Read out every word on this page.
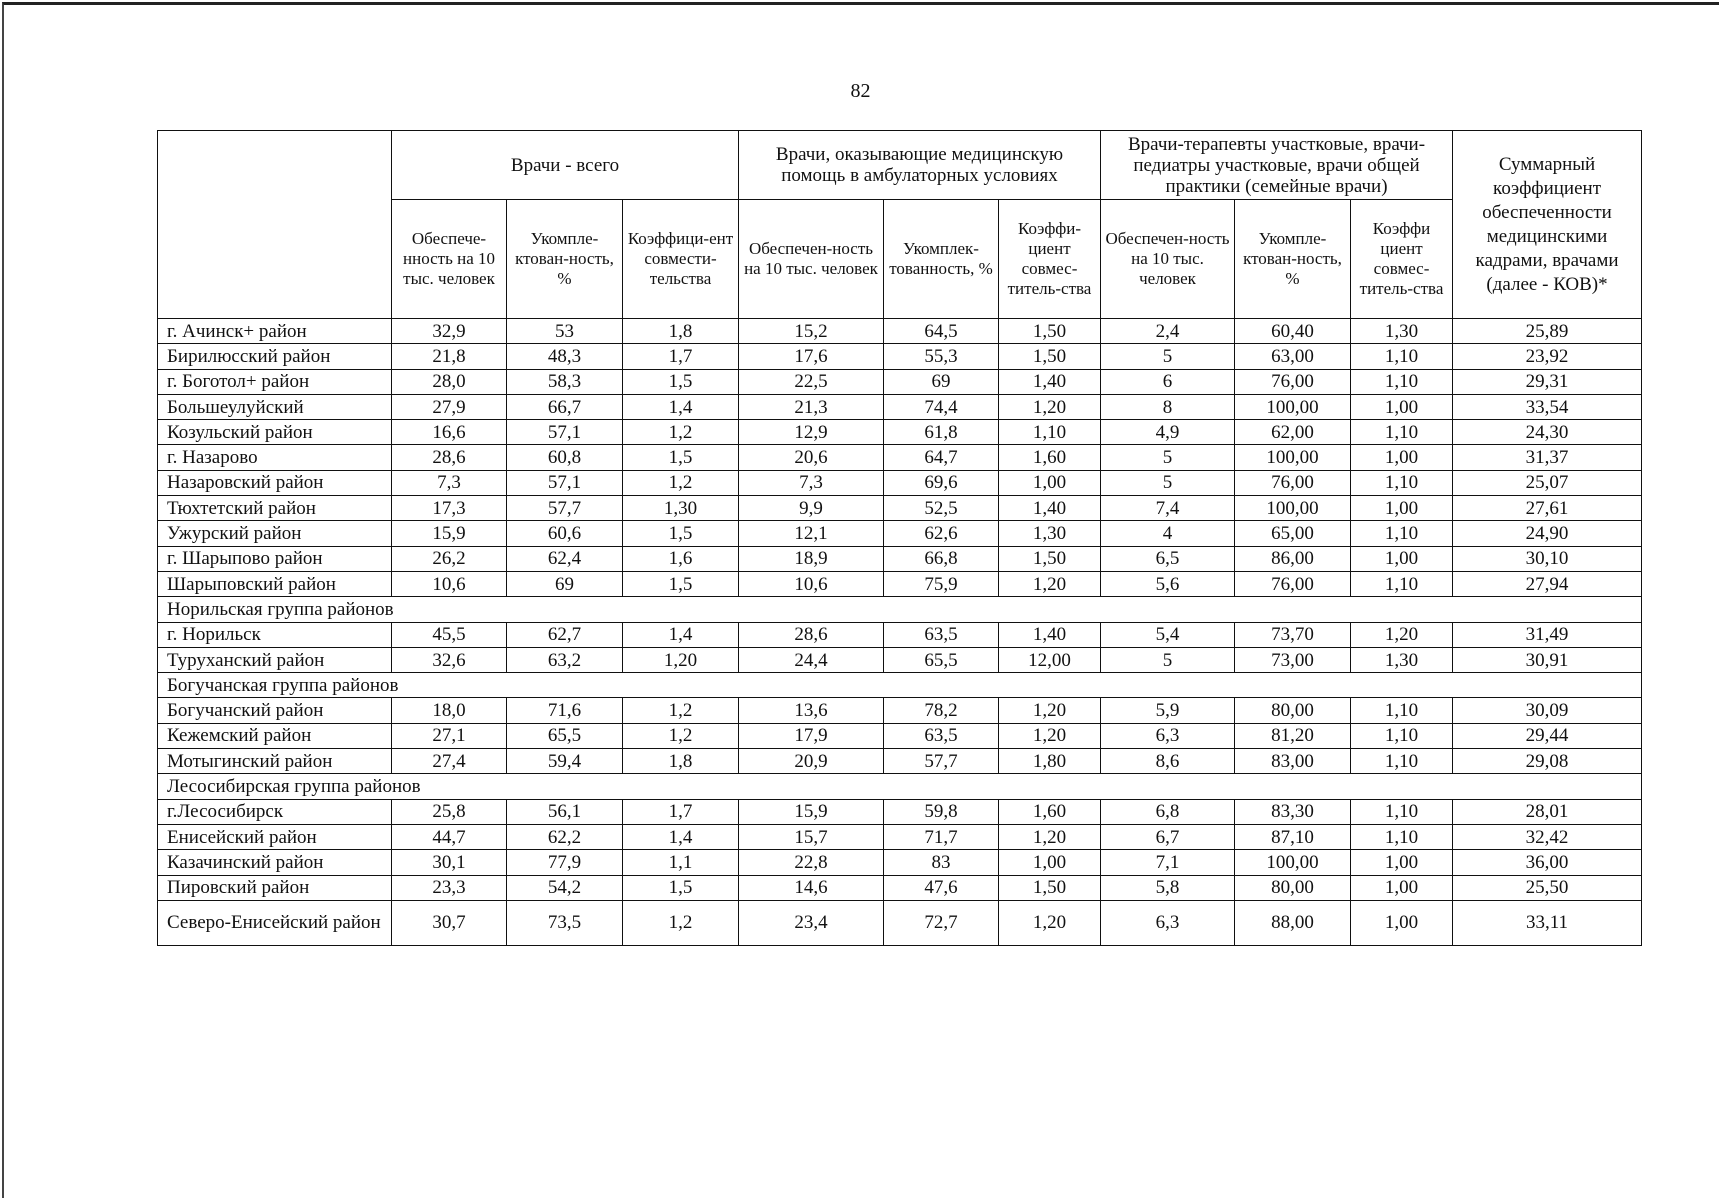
82
	Врачи - всего			Врачи, оказывающие медицинскую помощь в амбулаторных условиях			Врачи-терапевты участковые, врачи-педиатры участковые, врачи общей практики (семейные врачи)			Суммарный коэффициент обеспеченности медицинскими кадрами, врачами (далее - КОВ)*
	Обеспече-нность на 10 тыс. человек	Укомпле-ктован-ность, %	Коэффици-ент совмести-тельства	Обеспечен-ность на 10 тыс. человек	Укомплек-тованность, %	Коэффи-циент совмес-титель-ства	Обеспечен-ность на 10 тыс. человек	Укомпле-ктован-ность, %	Коэффи циент совмес-титель-ства	
г. Ачинск+ район	32,9	53	1,8	15,2	64,5	1,50	2,4	60,40	1,30	25,89
Бирилюсский район	21,8	48,3	1,7	17,6	55,3	1,50	5	63,00	1,10	23,92
г. Боготол+ район	28,0	58,3	1,5	22,5	69	1,40	6	76,00	1,10	29,31
Большеулуйский	27,9	66,7	1,4	21,3	74,4	1,20	8	100,00	1,00	33,54
Козульский район	16,6	57,1	1,2	12,9	61,8	1,10	4,9	62,00	1,10	24,30
г. Назарово	28,6	60,8	1,5	20,6	64,7	1,60	5	100,00	1,00	31,37
Назаровский район	7,3	57,1	1,2	7,3	69,6	1,00	5	76,00	1,10	25,07
Тюхтетский район	17,3	57,7	1,30	9,9	52,5	1,40	7,4	100,00	1,00	27,61
Ужурский район	15,9	60,6	1,5	12,1	62,6	1,30	4	65,00	1,10	24,90
г. Шарыпово район	26,2	62,4	1,6	18,9	66,8	1,50	6,5	86,00	1,00	30,10
Шарыповский район	10,6	69	1,5	10,6	75,9	1,20	5,6	76,00	1,10	27,94
Норильская группа районов										
г. Норильск	45,5	62,7	1,4	28,6	63,5	1,40	5,4	73,70	1,20	31,49
Туруханский район	32,6	63,2	1,20	24,4	65,5	12,00	5	73,00	1,30	30,91
Богучанская группа районов										
Богучанский район	18,0	71,6	1,2	13,6	78,2	1,20	5,9	80,00	1,10	30,09
Кежемский район	27,1	65,5	1,2	17,9	63,5	1,20	6,3	81,20	1,10	29,44
Мотыгинский район	27,4	59,4	1,8	20,9	57,7	1,80	8,6	83,00	1,10	29,08
Лесосибирская группа районов										
г.Лесосибирск	25,8	56,1	1,7	15,9	59,8	1,60	6,8	83,30	1,10	28,01
Енисейский район	44,7	62,2	1,4	15,7	71,7	1,20	6,7	87,10	1,10	32,42
Казачинский район	30,1	77,9	1,1	22,8	83	1,00	7,1	100,00	1,00	36,00
Пировский район	23,3	54,2	1,5	14,6	47,6	1,50	5,8	80,00	1,00	25,50
Северо-Енисейский район	30,7	73,5	1,2	23,4	72,7	1,20	6,3	88,00	1,00	33,11
